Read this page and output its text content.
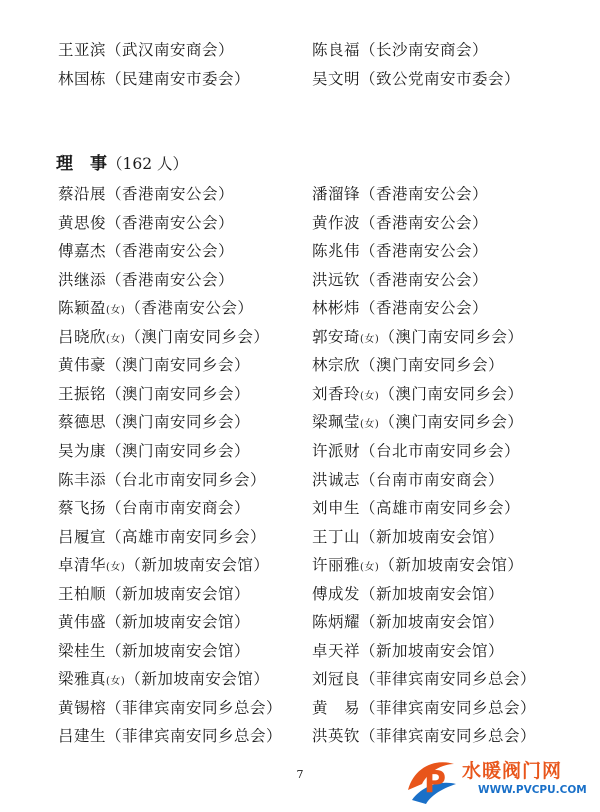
王亚滨（武汉南安商会）	陈良福（长沙南安商会）
林国栋（民建南安市委会）	吴文明（致公党南安市委会）
理　事（162 人）
蔡沿展（香港南安公会）	潘溜锋（香港南安公会）
黄思俊（香港南安公会）	黄作波（香港南安公会）
傅嘉杰（香港南安公会）	陈兆伟（香港南安公会）
洪继添（香港南安公会）	洪远钦（香港南安公会）
陈颖盈(女)（香港南安公会）	林彬炜（香港南安公会）
吕晓欣(女)（澳门南安同乡会）	郭安琦(女)（澳门南安同乡会）
黄伟豪（澳门南安同乡会）	林宗欣（澳门南安同乡会）
王振铭（澳门南安同乡会）	刘香玲(女)（澳门南安同乡会）
蔡德思（澳门南安同乡会）	梁珮莹(女)（澳门南安同乡会）
吴为康（澳门南安同乡会）	许派财（台北市南安同乡会）
陈丰添（台北市南安同乡会）	洪诚志（台南市南安商会）
蔡飞扬（台南市南安商会）	刘申生（高雄市南安同乡会）
吕履宣（高雄市南安同乡会）	王丁山（新加坡南安会馆）
卓清华(女)（新加坡南安会馆）	许丽雅(女)（新加坡南安会馆）
王柏顺（新加坡南安会馆）	傅成发（新加坡南安会馆）
黄伟盛（新加坡南安会馆）	陈炳耀（新加坡南安会馆）
梁桂生（新加坡南安会馆）	卓天祥（新加坡南安会馆）
梁雅真(女)（新加坡南安会馆）	刘冠良（菲律宾南安同乡总会）
黄锡榕（菲律宾南安同乡总会） 黄　易（菲律宾南安同乡总会）
吕建生（菲律宾南安同乡总会） 洪英钦（菲律宾南安同乡总会）
7	P 水暖阀门网
WWW.PVCPU.COM
